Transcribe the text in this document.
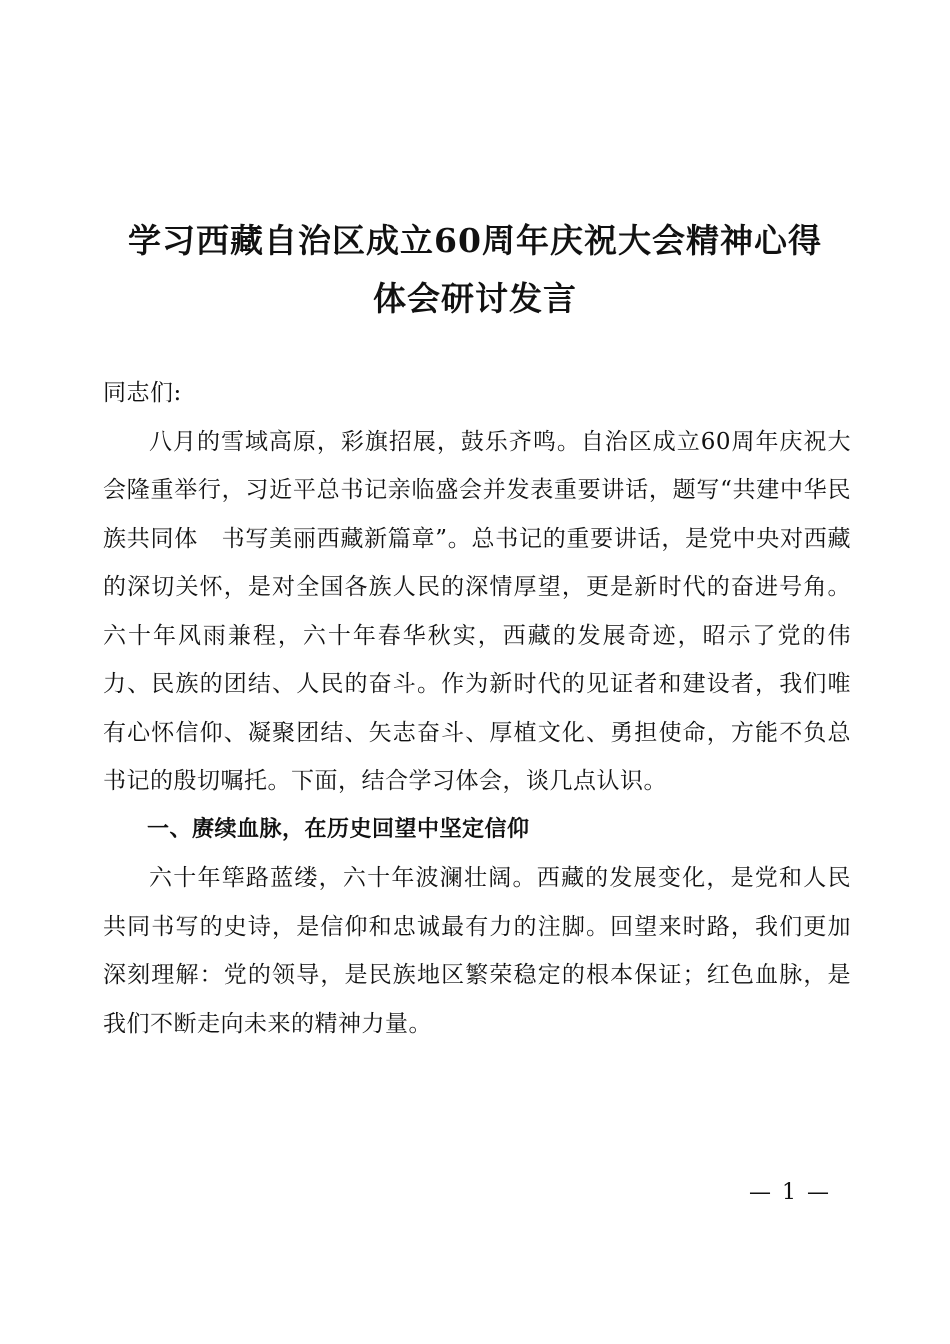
学习西藏自治区成立60周年庆祝大会精神心得
体会研讨发言

同志们:

八月的雪域高原，彩旗招展，鼓乐齐鸣。自治区成立60周年庆祝大会隆重举行，习近平总书记亲临盛会并发表重要讲话，题写“共建中华民族共同体　书写美丽西藏新篇章”。总书记的重要讲话，是党中央对西藏的深切关怀，是对全国各族人民的深情厚望，更是新时代的奋进号角。六十年风雨兼程，六十年春华秋实，西藏的发展奇迹，昭示了党的伟力、民族的团结、人民的奋斗。作为新时代的见证者和建设者，我们唯有心怀信仰、凝聚团结、矢志奋斗、厚植文化、勇担使命，方能不负总书记的殷切嘱托。下面，结合学习体会，谈几点认识。

一、赓续血脉，在历史回望中坚定信仰

六十年筚路蓝缕，六十年波澜壮阔。西藏的发展变化，是党和人民共同书写的史诗，是信仰和忠诚最有力的注脚。回望来时路，我们更加深刻理解：党的领导，是民族地区繁荣稳定的根本保证；红色血脉，是我们不断走向未来的精神力量。

— 1 —
